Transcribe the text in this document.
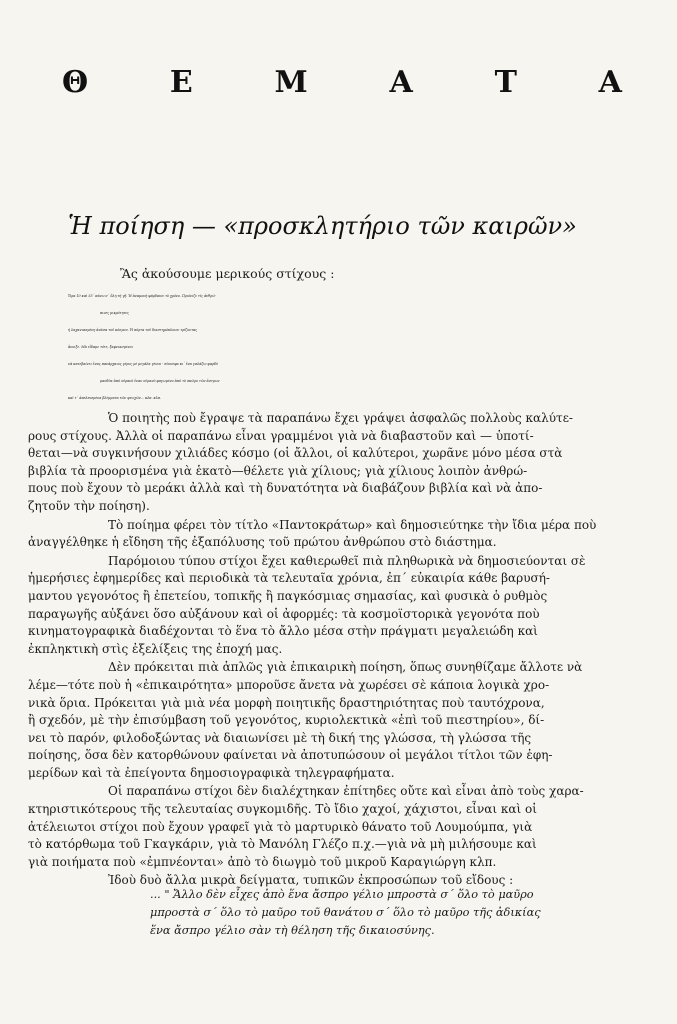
Θ	Ε	Μ	Α	Τ	Α
Ἡ ποίηση — «προσκλητήριο τῶν καιρῶν»
Ἂς ἀκούσουμε μερικούς στίχους :
Ὥρα 10 καὶ 55΄ πάνω σ΄ ὅλη τὴ γῆ. Ἡ ἀναμονὴ φάρδαινε τὸ χρόνο. Πριόνιζε τὶς ἀνθρώ-
πινες μικρότητες
ἡ λαχανιασμένη ἀνάσα τοῦ κόσμου. Ἡ πόρτα τοῦ διαστημόπλοιου τρίζοντας
ἄνοιξε. Μὰ εἴδαμε τότε, ξαφνιασμένοι
νὰ κατεβαίνει ἕνας πανάρχαιος γέρος μὲ μεγάλα γένια - σύννεφα κι΄ ἕνα γαλάζιο φαρδὺ
μανδύα ἀπὸ οὐρανὸ ἕναν οὐρανὸ φαγωμένο ἀπὸ τὸ σκῶρο τῶν ἄστρων
καὶ τ΄ ἀπελπισμένα βλέμματα τῶν φτωχῶν... κλπ. κλπ.

Ὁ ποιητὴς ποὺ ἔγραψε τὰ παραπάνω ἔχει γράψει ἀσφαλῶς πολλοὺς καλύτε-
ρους στίχους. Ἀλλὰ οἱ παραπάνω εἶναι γραμμένοι γιὰ νὰ διαβαστοῦν καὶ — ὑποτί-
θεται—νὰ συγκινήσουν χιλιάδες κόσμο (οἱ ἄλλοι, οἱ καλύτεροι, χωρᾶνε μόνο μέσα στὰ
βιβλία τὰ προορισμένα γιὰ ἑκατὸ—θέλετε γιὰ χίλιους; γιὰ χίλιους λοιπὸν ἀνθρώ-
πους ποὺ ἔχουν τὸ μεράκι ἀλλὰ καὶ τὴ δυνατότητα νὰ διαβάζουν βιβλία καὶ νὰ ἀπο-
ζητοῦν τὴν ποίηση).

Τὸ ποίημα φέρει τὸν τίτλο «Παντοκράτωρ» καὶ δημοσιεύτηκε τὴν ἴδια μέρα ποὺ
ἀναγγέλθηκε ἡ εἴδηση τῆς ἐξαπόλυσης τοῦ πρώτου ἀνθρώπου στὸ διάστημα.

Παρόμοιου τύπου στίχοι ἔχει καθιερωθεῖ πιὰ πληθωρικὰ νὰ δημοσιεύονται σὲ
ἡμερήσιες ἐφημερίδες καὶ περιοδικὰ τὰ τελευταῖα χρόνια, ἐπ΄ εὐκαιρία κάθε βαρυσή-
μαντου γεγονότος ἢ ἐπετείου, τοπικῆς ἢ παγκόσμιας σημασίας, καὶ φυσικὰ ὁ ρυθμὸς
παραγωγῆς αὐξάνει ὅσο αὐξάνουν καὶ οἱ ἀφορμές: τὰ κοσμοϊστορικὰ γεγονότα ποὺ
κινηματογραφικὰ διαδέχονται τὸ ἕνα τὸ ἄλλο μέσα στὴν πράγματι μεγαλειώδη καὶ
ἐκπληκτικὴ στὶς ἐξελίξεις της ἐποχή μας.

Δὲν πρόκειται πιὰ ἁπλῶς γιὰ ἐπικαιρικὴ ποίηση, ὅπως συνηθίζαμε ἄλλοτε νὰ
λέμε—τότε ποὺ ἡ «ἐπικαιρότητα» μποροῦσε ἄνετα νὰ χωρέσει σὲ κάποια λογικὰ χρο-
νικὰ ὅρια. Πρόκειται γιὰ μιὰ νέα μορφὴ ποιητικῆς δραστηριότητας ποὺ ταυτόχρονα,
ἢ σχεδόν, μὲ τὴν ἐπισύμβαση τοῦ γεγονότος, κυριολεκτικὰ «ἐπὶ τοῦ πιεστηρίου», δί-
νει τὸ παρόν, φιλοδοξώντας νὰ διαιωνίσει μὲ τὴ δική της γλώσσα, τὴ γλώσσα τῆς
ποίησης, ὅσα δὲν κατορθώνουν φαίνεται νὰ ἀποτυπώσουν οἱ μεγάλοι τίτλοι τῶν ἐφη-
μερίδων καὶ τὰ ἐπείγοντα δημοσιογραφικὰ τηλεγραφήματα.

Οἱ παραπάνω στίχοι δὲν διαλέχτηκαν ἐπίτηδες οὔτε καὶ εἶναι ἀπὸ τοὺς χαρα-
κτηριστικότερους τῆς τελευταίας συγκομιδῆς. Τὸ ἴδιο χαχοί, χάχιστοι, εἶναι καὶ οἱ
ἀτέλειωτοι στίχοι ποὺ ἔχουν γραφεῖ γιὰ τὸ μαρτυρικὸ θάνατο τοῦ Λουμούμπα, γιὰ
τὸ κατόρθωμα τοῦ Γκαγκάριν, γιὰ τὸ Μανόλη Γλέζο π.χ.—γιὰ νὰ μὴ μιλήσουμε καὶ
γιὰ ποιήματα ποὺ «ἐμπνέονται» ἀπὸ τὸ διωγμὸ τοῦ μικροῦ Καραγιώργη κλπ.

Ἰδοὺ δυὸ ἄλλα μικρὰ δείγματα, τυπικῶν ἐκπροσώπων τοῦ εἴδους :

... " Ἄλλο δὲν εἶχες ἀπὸ ἕνα ἄσπρο γέλιο μπροστὰ σ΄ ὅλο τὸ μαῦρο
μπροστὰ σ΄ ὅλο τὸ μαῦρο τοῦ θανάτου σ΄ ὅλο τὸ μαῦρο τῆς ἀδικίας
ἕνα ἄσπρο γέλιο σὰν τὴ θέληση τῆς δικαιοσύνης.
